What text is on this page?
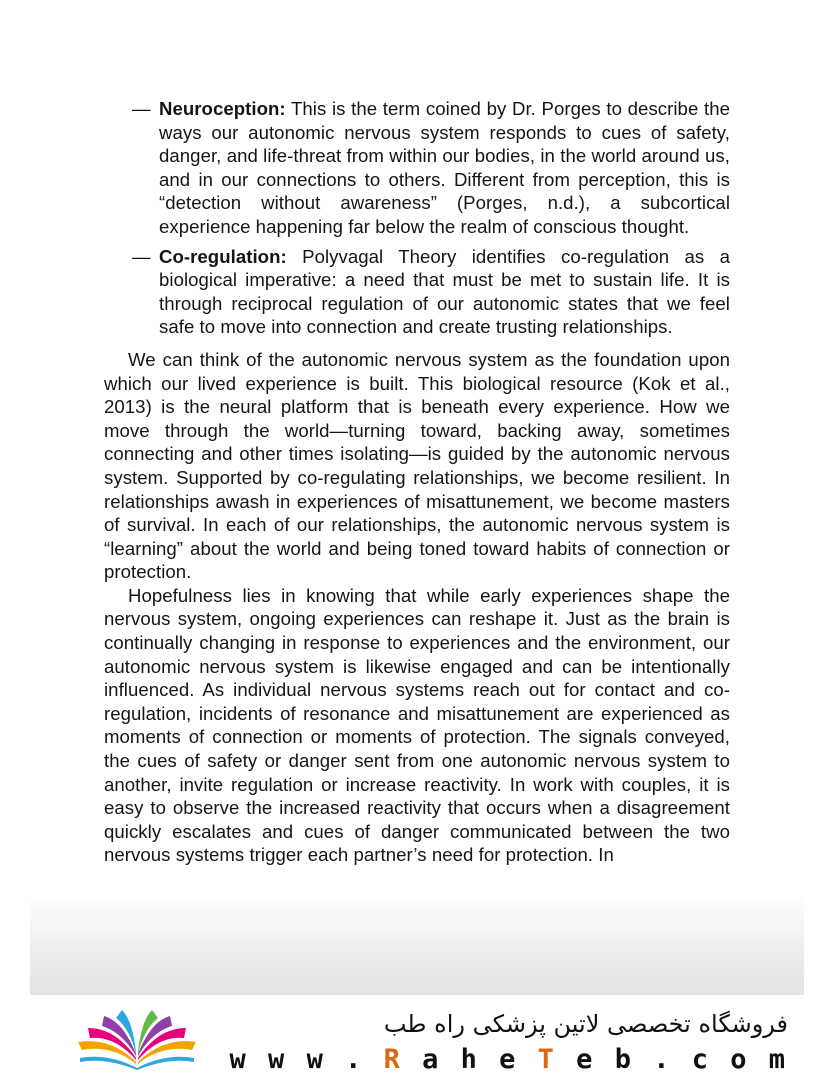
— Neuroception: This is the term coined by Dr. Porges to describe the ways our autonomic nervous system responds to cues of safety, danger, and life-threat from within our bodies, in the world around us, and in our connections to others. Different from perception, this is “detection without awareness” (Porges, n.d.), a subcortical experience happening far below the realm of conscious thought.
— Co-regulation: Polyvagal Theory identifies co-regulation as a biological imperative: a need that must be met to sustain life. It is through reciprocal regulation of our autonomic states that we feel safe to move into connection and create trusting relationships.

We can think of the autonomic nervous system as the foundation upon which our lived experience is built. This biological resource (Kok et al., 2013) is the neural platform that is beneath every experience. How we move through the world—turning toward, backing away, sometimes connecting and other times isolating—is guided by the autonomic nervous system. Supported by co-regulating relationships, we become resilient. In relationships awash in experiences of misattunement, we become masters of survival. In each of our relationships, the autonomic nervous system is “learning” about the world and being toned toward habits of connection or protection.

Hopefulness lies in knowing that while early experiences shape the nervous system, ongoing experiences can reshape it. Just as the brain is continually changing in response to experiences and the environment, our autonomic nervous system is likewise engaged and can be intentionally influenced. As individual nervous systems reach out for contact and co-regulation, incidents of resonance and misattunement are experienced as moments of connection or moments of protection. The signals conveyed, the cues of safety or danger sent from one autonomic nervous system to another, invite regulation or increase reactivity. In work with couples, it is easy to observe the increased reactivity that occurs when a disagreement quickly escalates and cues of danger communicated between the two nervous systems trigger each partner’s need for protection. In

فروشگاه تخصصی لاتین پزشکی راه طب
w w w . R a h e T e b . c o m
